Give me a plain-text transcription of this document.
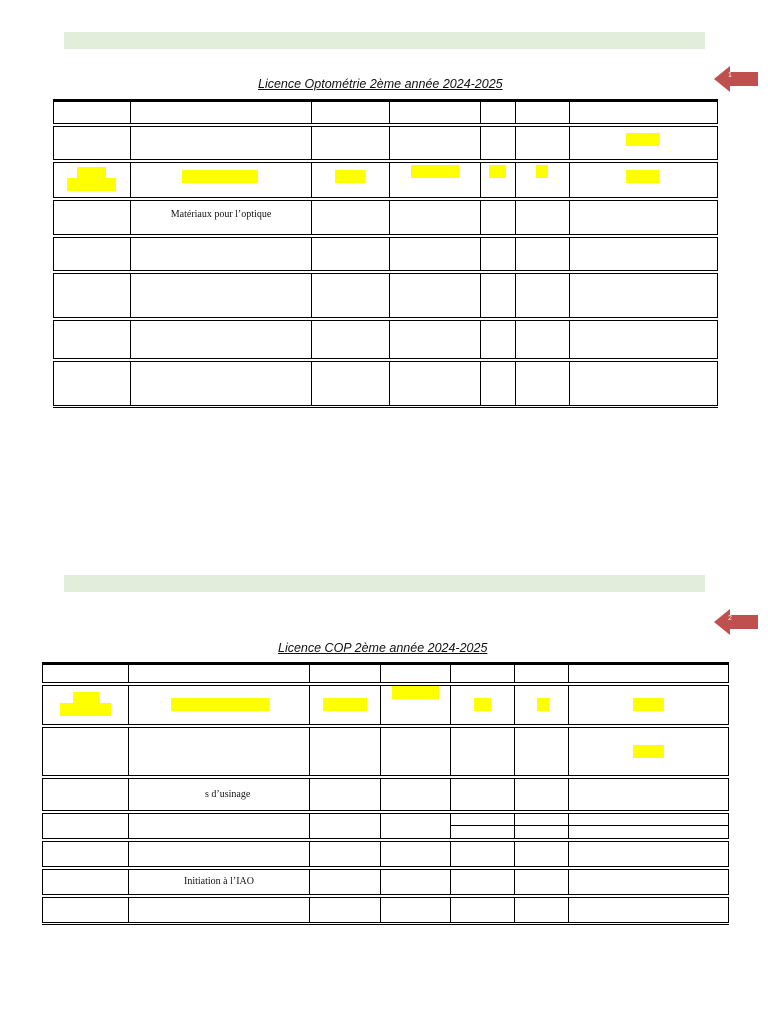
1
Licence Optométrie 2ème année 2024-2025

	Matériaux pour l’optique					

2
Licence COP 2ème année 2024-2025

	s d’usinage					

	Initiation à l’IAO					
